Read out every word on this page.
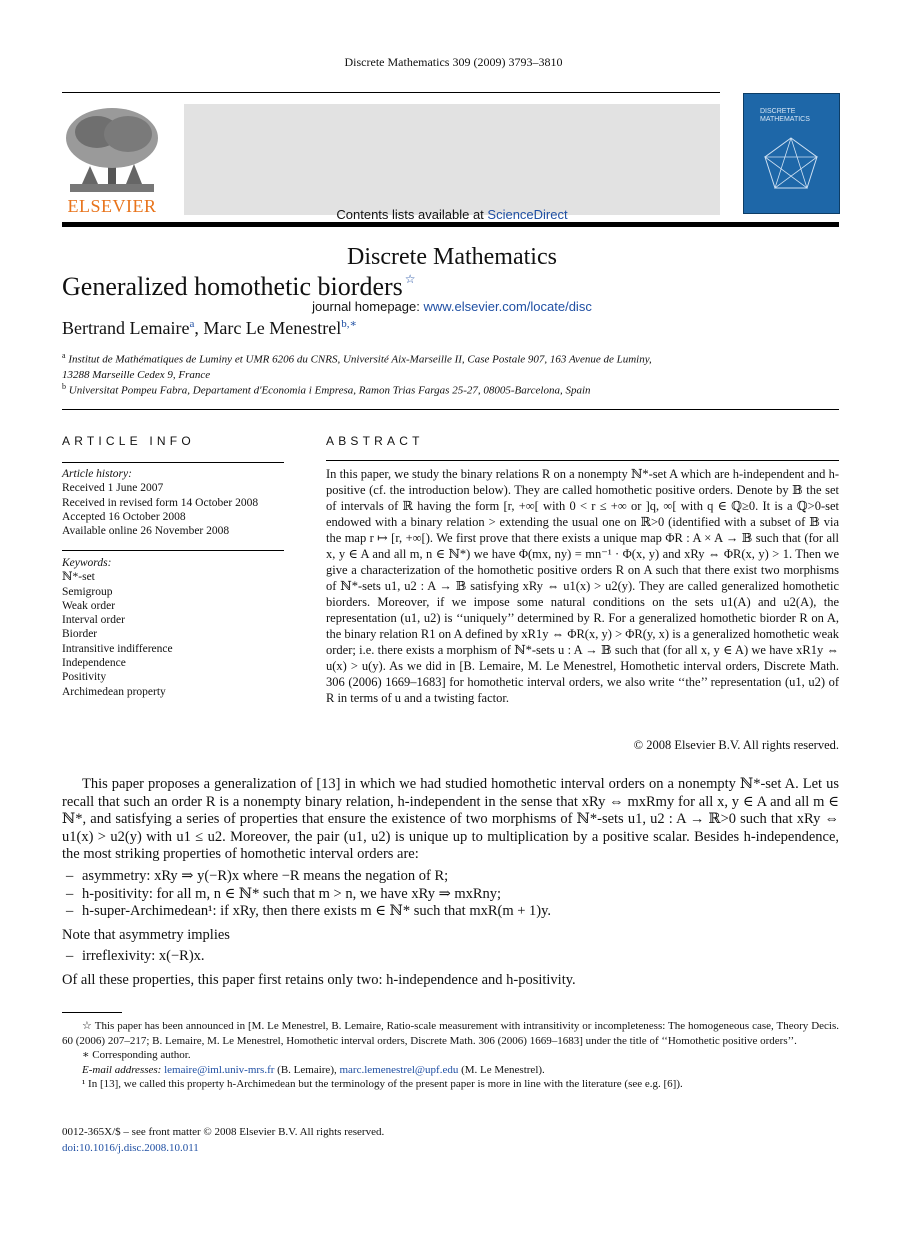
Discrete Mathematics 309 (2009) 3793–3810
ELSEVIER	Contents lists available at ScienceDirect
Discrete Mathematics
journal homepage: www.elsevier.com/locate/disc
DISCRETE MATHEMATICS
Generalized homothetic biorders ☆
Bertrand Lemaire$^a$, Marc Le Menestrel$^{b,∗}$
$^a$ Institut de Mathématiques de Luminy et UMR 6206 du CNRS, Université Aix-Marseille II, Case Postale 907, 163 Avenue de Luminy,
13288 Marseille Cedex 9, France
$^b$ Universitat Pompeu Fabra, Departament d'Economia i Empresa, Ramon Trias Fargas 25-27, 08005-Barcelona, Spain
ARTICLE INFO
Article history:
Received 1 June 2007
Received in revised form 14 October 2008
Accepted 16 October 2008
Available online 26 November 2008
Keywords:
ℕ*-set
Semigroup
Weak order
Interval order
Biorder
Intransitive indifference
Independence
Positivity
Archimedean property
ABSTRACT
In this paper, we study the binary relations R on a nonempty ℕ*-set A which are h-independent and h-positive (cf. the introduction below). They are called homothetic positive orders. Denote by 𝔹 the set of intervals of ℝ having the form [r, +∞[ with 0 < r ≤ +∞ or ]q, ∞[ with q ∈ ℚ≥0. It is a ℚ>0-set endowed with a binary relation > extending the usual one on ℝ>0 (identified with a subset of 𝔹 via the map r ↦ [r, +∞[). We first prove that there exists a unique map ΦR : A × A → 𝔹 such that (for all x, y ∈ A and all m, n ∈ ℕ*) we have Φ(mx, ny) = mn⁻¹ · Φ(x, y) and xRy ⇔ ΦR(x, y) > 1. Then we give a characterization of the homothetic positive orders R on A such that there exist two morphisms of ℕ*-sets u1, u2 : A → 𝔹 satisfying xRy ⇔ u1(x) > u2(y). They are called generalized homothetic biorders. Moreover, if we impose some natural conditions on the sets u1(A) and u2(A), the representation (u1, u2) is ‘‘uniquely’’ determined by R. For a generalized homothetic biorder R on A, the binary relation R1 on A defined by xR1y ⇔ ΦR(x, y) > ΦR(y, x) is a generalized homothetic weak order; i.e. there exists a morphism of ℕ*-sets u : A → 𝔹 such that (for all x, y ∈ A) we have xR1y ⇔ u(x) > u(y). As we did in [B. Lemaire, M. Le Menestrel, Homothetic interval orders, Discrete Math. 306 (2006) 1669–1683] for homothetic interval orders, we also write ‘‘the’’ representation (u1, u2) of R in terms of u and a twisting factor.
© 2008 Elsevier B.V. All rights reserved.

This paper proposes a generalization of [13] in which we had studied homothetic interval orders on a nonempty ℕ*-set A. Let us recall that such an order R is a nonempty binary relation, h-independent in the sense that xRy ⇔ mxRmy for all x, y ∈ A and all m ∈ ℕ*, and satisfying a series of properties that ensure the existence of two morphisms of ℕ*-sets u1, u2 : A → ℝ>0 such that xRy ⇔ u1(x) > u2(y) with u1 ≤ u2. Moreover, the pair (u1, u2) is unique up to multiplication by a positive scalar. Besides h-independence, the most striking properties of homothetic interval orders are:

– asymmetry: xRy ⇒ y(−R)x where −R means the negation of R;
– h-positivity: for all m, n ∈ ℕ* such that m > n, we have xRy ⇒ mxRny;
– h-super-Archimedean¹: if xRy, then there exists m ∈ ℕ* such that mxR(m + 1)y.

Note that asymmetry implies

– irreflexivity: x(−R)x.

Of all these properties, this paper first retains only two: h-independence and h-positivity.

☆ This paper has been announced in [M. Le Menestrel, B. Lemaire, Ratio-scale measurement with intransitivity or incompleteness: The homogeneous case, Theory Decis. 60 (2006) 207–217; B. Lemaire, M. Le Menestrel, Homothetic interval orders, Discrete Math. 306 (2006) 1669–1683] under the title of ‘‘Homothetic positive orders’’.

∗ Corresponding author.

E-mail addresses: lemaire@iml.univ-mrs.fr (B. Lemaire), marc.lemenestrel@upf.edu (M. Le Menestrel).

¹ In [13], we called this property h-Archimedean but the terminology of the present paper is more in line with the literature (see e.g. [6]).

0012-365X/$ – see front matter © 2008 Elsevier B.V. All rights reserved.
doi:10.1016/j.disc.2008.10.011
